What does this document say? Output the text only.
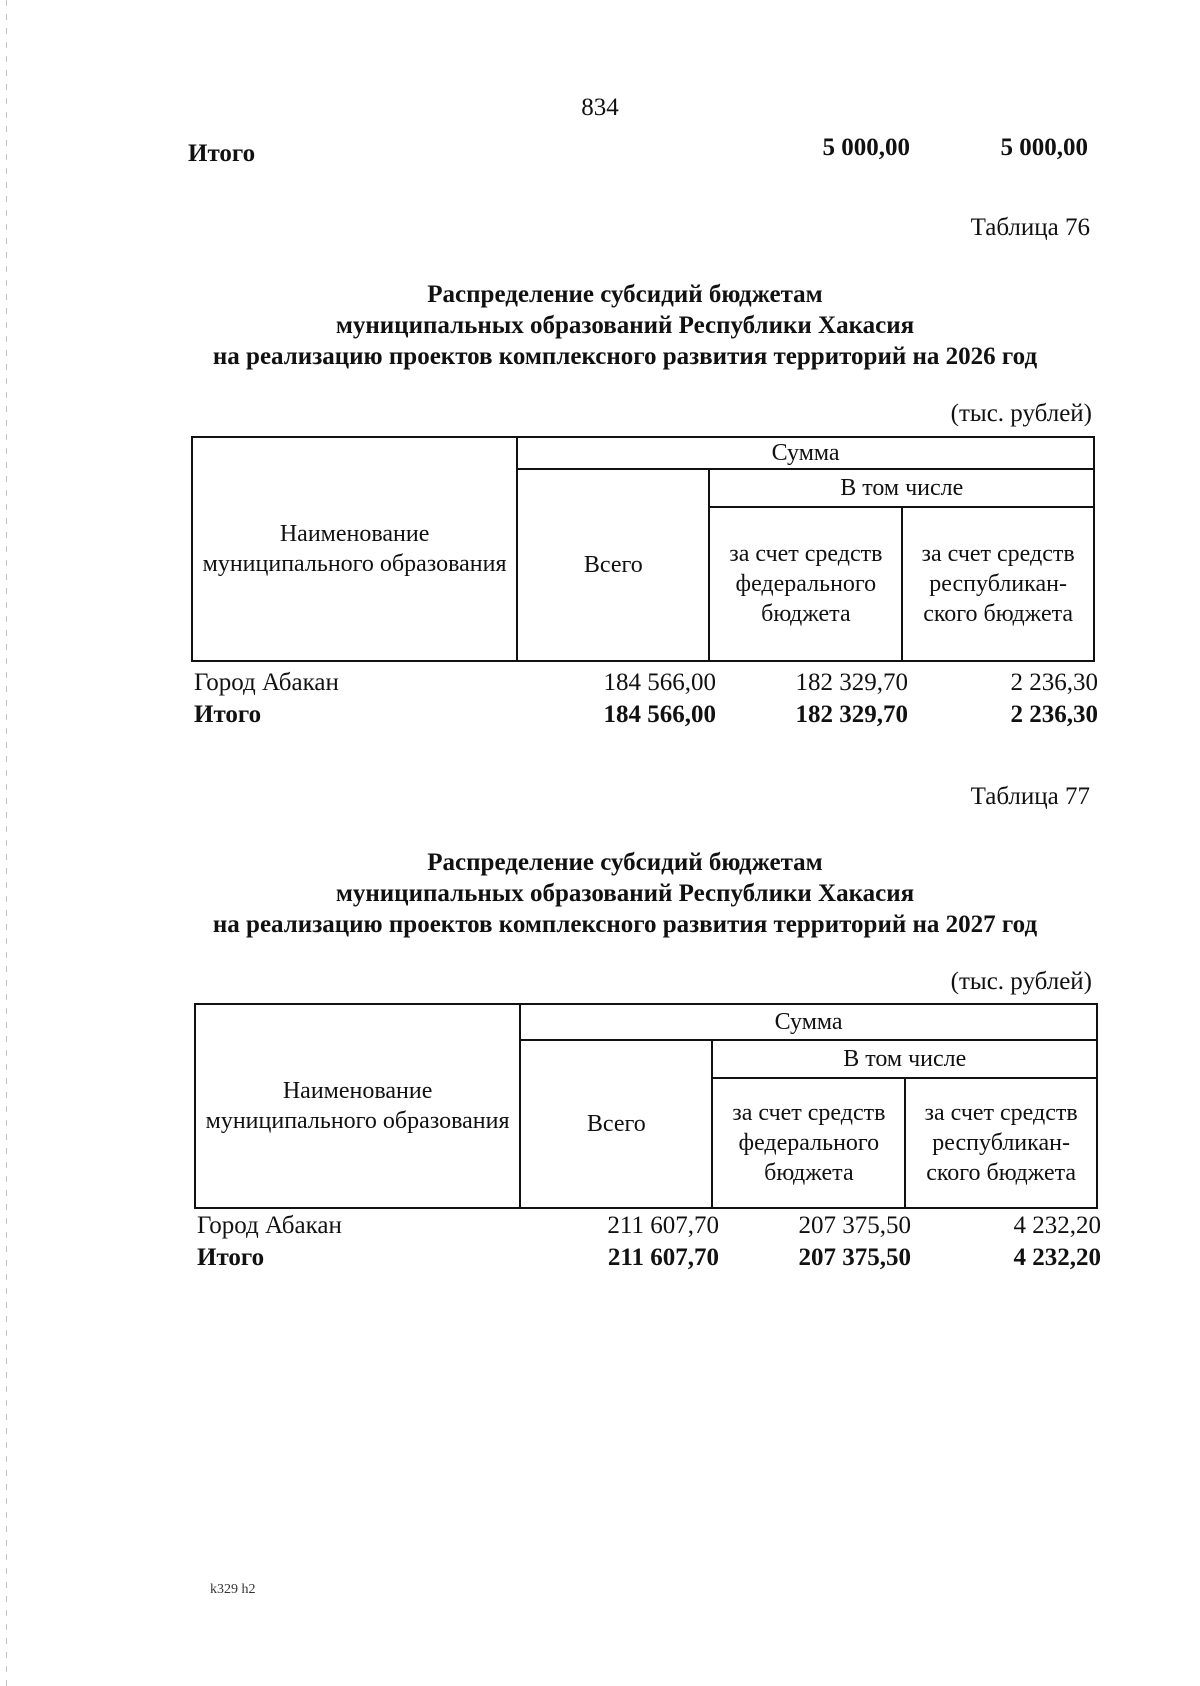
834
Итого	5 000,00	5 000,00
Таблица 76
Распределение субсидий бюджетам
муниципальных образований Республики Хакасия
на реализацию проектов комплексного развития территорий на 2026 год
(тыс. рублей)
Наименование муниципального образования	Сумма		
	Всего	В том числе	
		за счет средств федерального бюджета	за счет средств республикан-ского бюджета
Город Абакан	184 566,00	182 329,70	2 236,30
Итого	184 566,00	182 329,70	2 236,30
Таблица 77
Распределение субсидий бюджетам
муниципальных образований Республики Хакасия
на реализацию проектов комплексного развития территорий на 2027 год
(тыс. рублей)
Наименование муниципального образования	Сумма		
	Всего	В том числе	
		за счет средств федерального бюджета	за счет средств республикан-ского бюджета
Город Абакан	211 607,70	207 375,50	4 232,20
Итого	211 607,70	207 375,50	4 232,20
k329 h2
